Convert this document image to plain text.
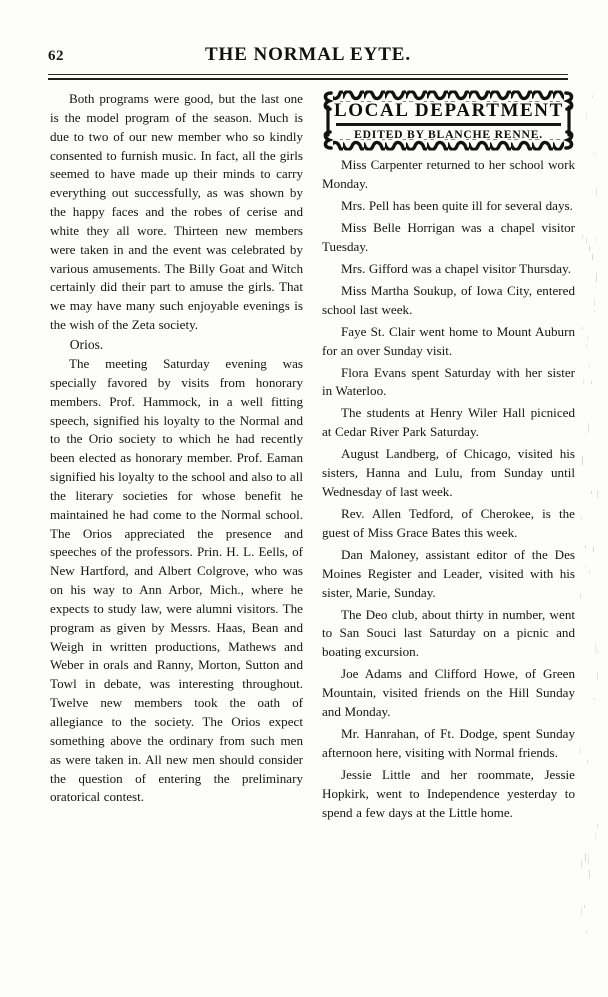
62	THE NORMAL EYTE.

Both programs were good, but the last one is the model program of the season. Much is due to two of our new member who so kindly consented to furnish music. In fact, all the girls seemed to have made up their minds to carry everything out successfully, as was shown by the happy faces and the robes of cerise and white they all wore. Thirteen new members were taken in and the event was celebrated by various amusements. The Billy Goat and Witch certainly did their part to amuse the girls. That we may have many such enjoyable evenings is the wish of the Zeta society.

Orios.

The meeting Saturday evening was specially favored by visits from honorary members. Prof. Hammock, in a well fitting speech, signified his loyalty to the Normal and to the Orio society to which he had recently been elected as honorary member. Prof. Eaman signified his loyalty to the school and also to all the literary societies for whose benefit he maintained he had come to the Normal school. The Orios appreciated the presence and speeches of the professors. Prin. H. L. Eells, of New Hartford, and Albert Colgrove, who was on his way to Ann Arbor, Mich., where he expects to study law, were alumni visitors. The program as given by Messrs. Haas, Bean and Weigh in written productions, Mathews and Weber in orals and Ranny, Morton, Sutton and Towl in debate, was interesting throughout. Twelve new members took the oath of allegiance to the society. The Orios expect something above the ordinary from such men as were taken in. All new men should consider the question of entering the preliminary oratorical contest.

LOCAL DEPARTMENT
EDITED BY BLANCHE RENNE.

Miss Carpenter returned to her school work Monday.

Mrs. Pell has been quite ill for several days.

Miss Belle Horrigan was a chapel visitor Tuesday.

Mrs. Gifford was a chapel visitor Thursday.

Miss Martha Soukup, of Iowa City, entered school last week.

Faye St. Clair went home to Mount Auburn for an over Sunday visit.

Flora Evans spent Saturday with her sister in Waterloo.

The students at Henry Wiler Hall picniced at Cedar River Park Saturday.

August Landberg, of Chicago, visited his sisters, Hanna and Lulu, from Sunday until Wednesday of last week.

Rev. Allen Tedford, of Cherokee, is the guest of Miss Grace Bates this week.

Dan Maloney, assistant editor of the Des Moines Register and Leader, visited with his sister, Marie, Sunday.

The Deo club, about thirty in number, went to San Souci last Saturday on a picnic and boating excursion.

Joe Adams and Clifford Howe, of Green Mountain, visited friends on the Hill Sunday and Monday.

Mr. Hanrahan, of Ft. Dodge, spent Sunday afternoon here, visiting with Normal friends.

Jessie Little and her roommate, Jessie Hopkirk, went to Independence yesterday to spend a few days at the Little home.
